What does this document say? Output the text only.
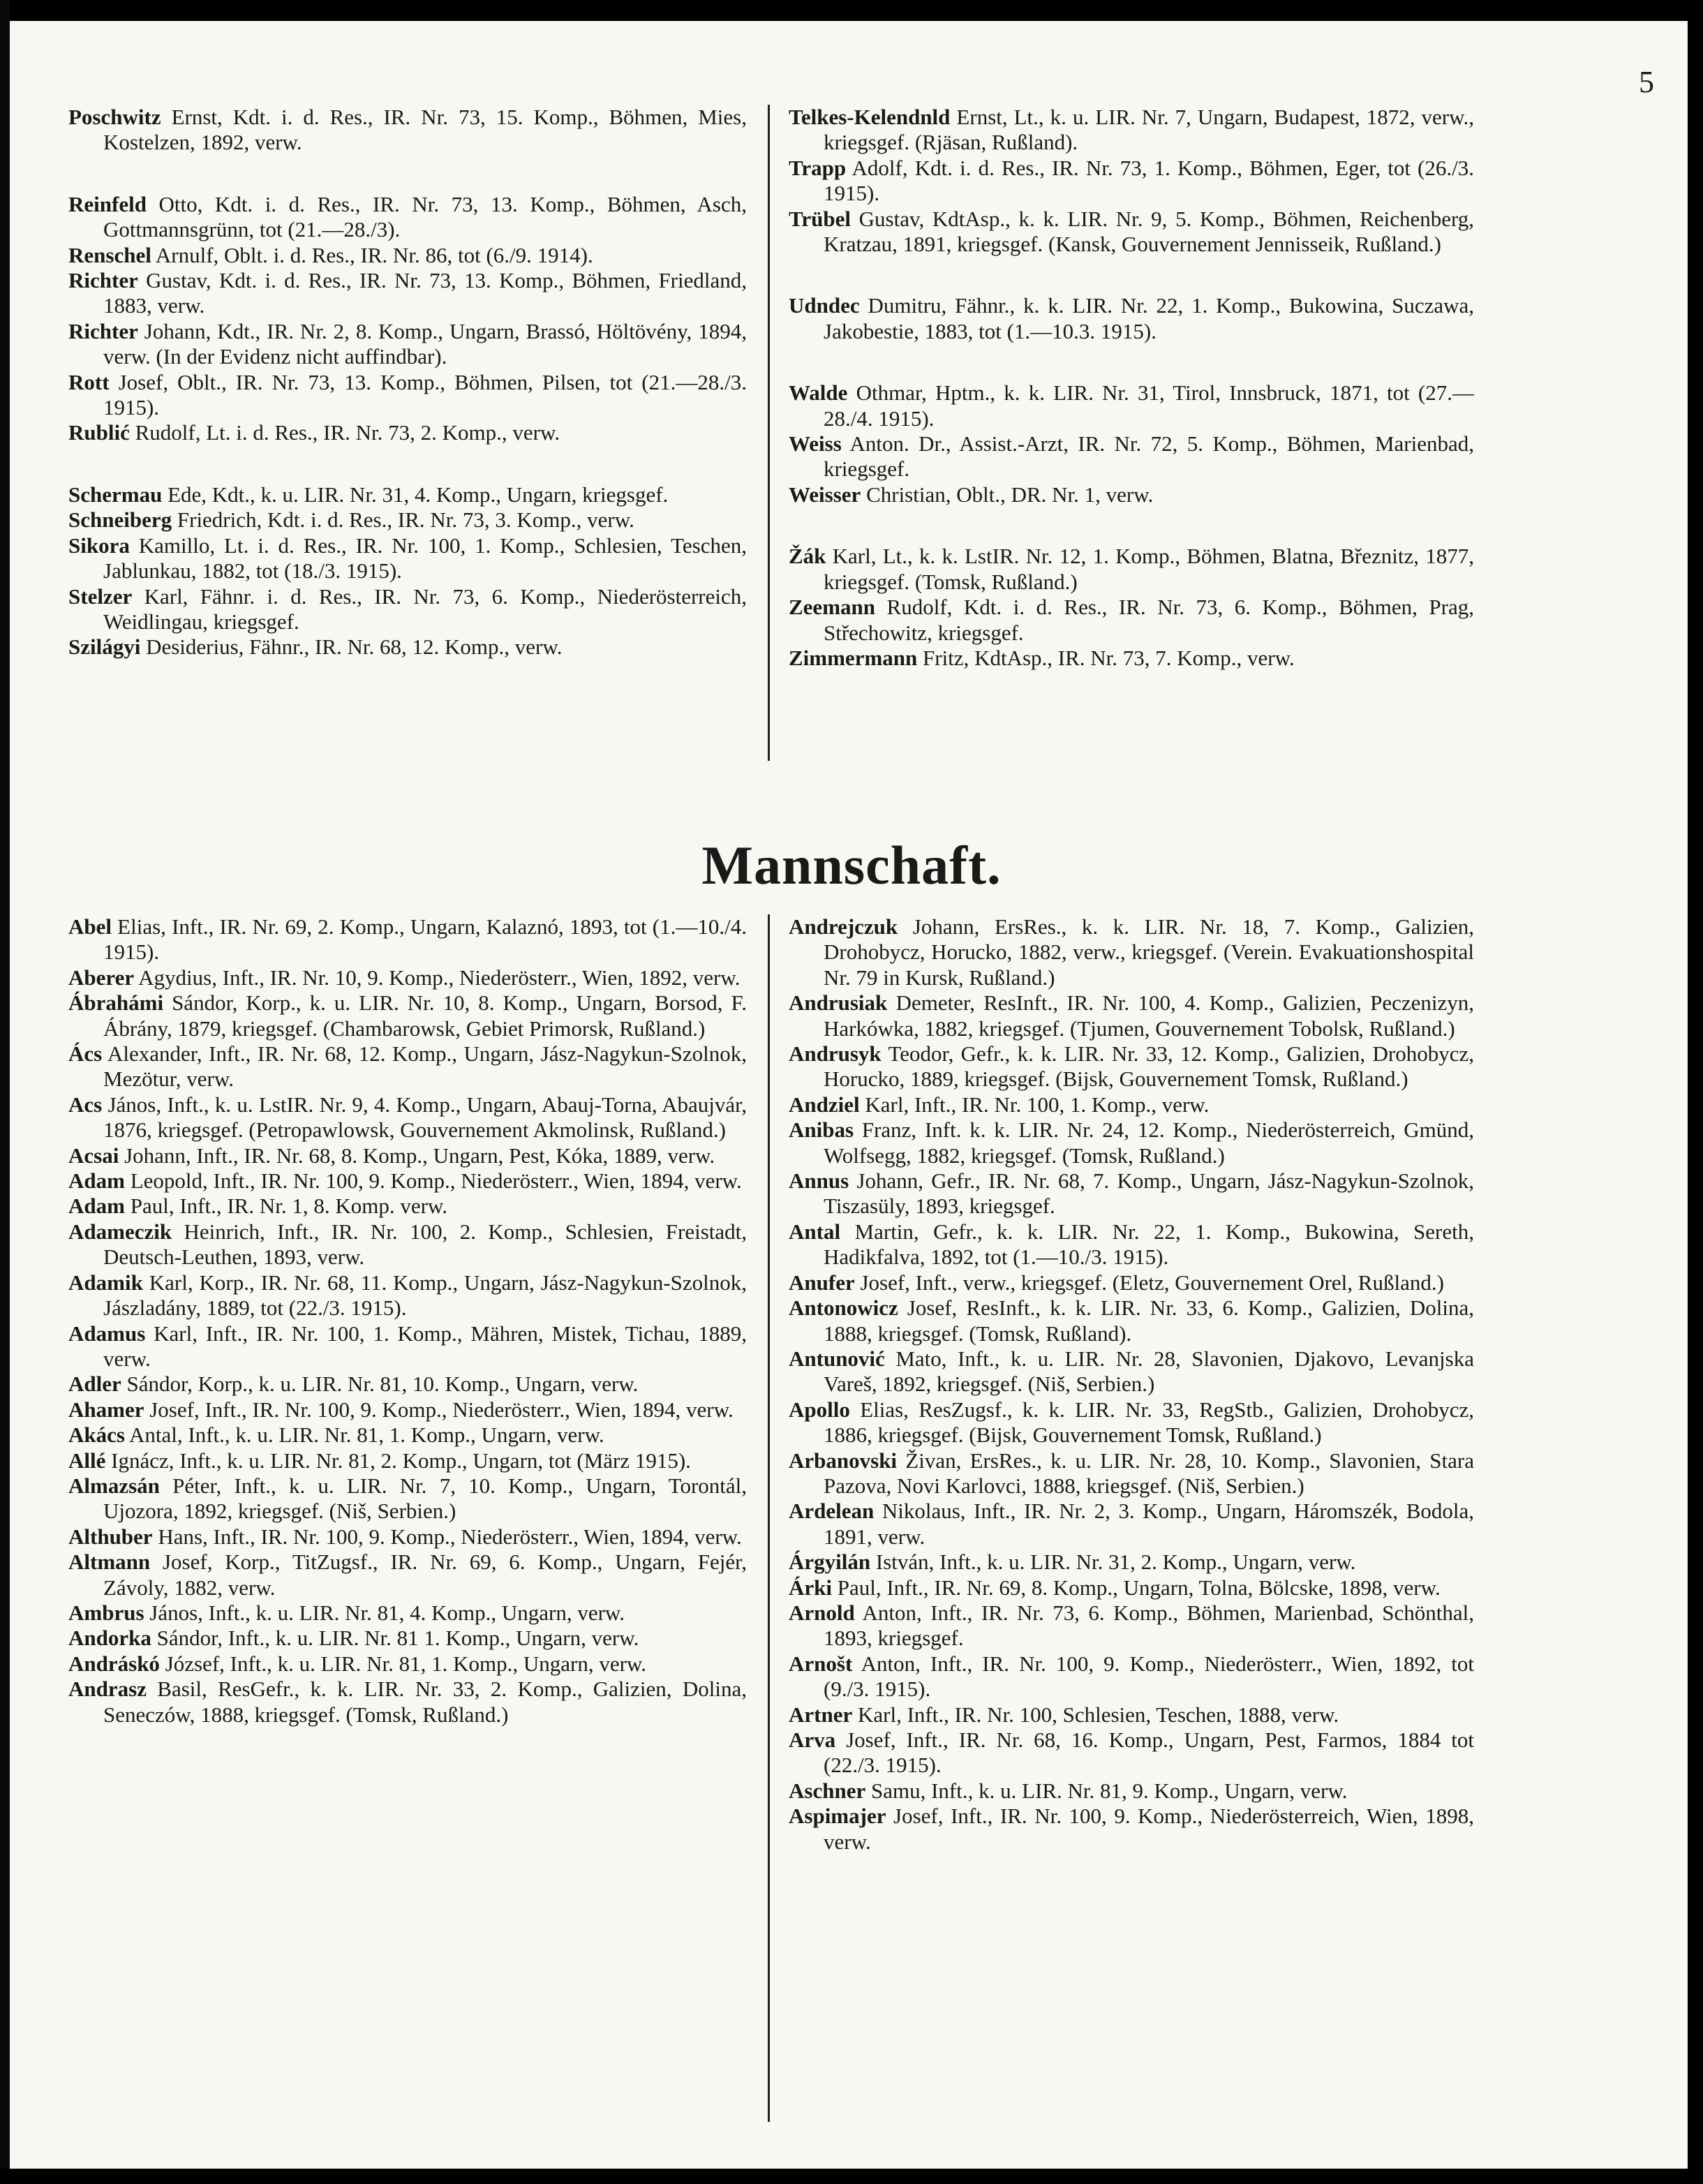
5

Poschwitz Ernst, Kdt. i. d. Res., IR. Nr. 73, 15. Komp., Böhmen, Mies, Kostelzen, 1892, verw.

Reinfeld Otto, Kdt. i. d. Res., IR. Nr. 73, 13. Komp., Böhmen, Asch, Gottmannsgrünn, tot (21.—28./3).

Renschel Arnulf, Oblt. i. d. Res., IR. Nr. 86, tot (6./9. 1914).

Richter Gustav, Kdt. i. d. Res., IR. Nr. 73, 13. Komp., Böhmen, Friedland, 1883, verw.

Richter Johann, Kdt., IR. Nr. 2, 8. Komp., Ungarn, Brassó, Höltövény, 1894, verw. (In der Evidenz nicht auffindbar).

Rott Josef, Oblt., IR. Nr. 73, 13. Komp., Böhmen, Pilsen, tot (21.—28./3. 1915).

Rublić Rudolf, Lt. i. d. Res., IR. Nr. 73, 2. Komp., verw.

Schermau Ede, Kdt., k. u. LIR. Nr. 31, 4. Komp., Ungarn, kriegsgef.

Schneiberg Friedrich, Kdt. i. d. Res., IR. Nr. 73, 3. Komp., verw.

Sikora Kamillo, Lt. i. d. Res., IR. Nr. 100, 1. Komp., Schlesien, Teschen, Jablunkau, 1882, tot (18./3. 1915).

Stelzer Karl, Fähnr. i. d. Res., IR. Nr. 73, 6. Komp., Niederösterreich, Weidlingau, kriegsgef.

Szilágyi Desiderius, Fähnr., IR. Nr. 68, 12. Komp., verw.

Telkes-Kelendnld Ernst, Lt., k. u. LIR. Nr. 7, Ungarn, Budapest, 1872, verw., kriegsgef. (Rjäsan, Rußland).

Trapp Adolf, Kdt. i. d. Res., IR. Nr. 73, 1. Komp., Böhmen, Eger, tot (26./3. 1915).

Trübel Gustav, KdtAsp., k. k. LIR. Nr. 9, 5. Komp., Böhmen, Reichenberg, Kratzau, 1891, kriegsgef. (Kansk, Gouvernement Jennisseik, Rußland.)

Udndec Dumitru, Fähnr., k. k. LIR. Nr. 22, 1. Komp., Bukowina, Suczawa, Jakobestie, 1883, tot (1.—10.3. 1915).

Walde Othmar, Hptm., k. k. LIR. Nr. 31, Tirol, Innsbruck, 1871, tot (27.—28./4. 1915).

Weiss Anton. Dr., Assist.-Arzt, IR. Nr. 72, 5. Komp., Böhmen, Marienbad, kriegsgef.

Weisser Christian, Oblt., DR. Nr. 1, verw.

Žák Karl, Lt., k. k. LstIR. Nr. 12, 1. Komp., Böhmen, Blatna, Březnitz, 1877, kriegsgef. (Tomsk, Rußland.)

Zeemann Rudolf, Kdt. i. d. Res., IR. Nr. 73, 6. Komp., Böhmen, Prag, Střechowitz, kriegsgef.

Zimmermann Fritz, KdtAsp., IR. Nr. 73, 7. Komp., verw.

Mannschaft.

Abel Elias, Inft., IR. Nr. 69, 2. Komp., Ungarn, Kalaznó, 1893, tot (1.—10./4. 1915).

Aberer Agydius, Inft., IR. Nr. 10, 9. Komp., Niederösterr., Wien, 1892, verw.

Ábrahámi Sándor, Korp., k. u. LIR. Nr. 10, 8. Komp., Ungarn, Borsod, F. Ábrány, 1879, kriegsgef. (Chambarowsk, Gebiet Primorsk, Rußland.)

Ács Alexander, Inft., IR. Nr. 68, 12. Komp., Ungarn, Jász-Nagykun-Szolnok, Mezötur, verw.

Acs János, Inft., k. u. LstIR. Nr. 9, 4. Komp., Ungarn, Abauj-Torna, Abaujvár, 1876, kriegsgef. (Petropawlowsk, Gouvernement Akmolinsk, Rußland.)

Acsai Johann, Inft., IR. Nr. 68, 8. Komp., Ungarn, Pest, Kóka, 1889, verw.

Adam Leopold, Inft., IR. Nr. 100, 9. Komp., Niederösterr., Wien, 1894, verw.

Adam Paul, Inft., IR. Nr. 1, 8. Komp. verw.

Adameczik Heinrich, Inft., IR. Nr. 100, 2. Komp., Schlesien, Freistadt, Deutsch-Leuthen, 1893, verw.

Adamik Karl, Korp., IR. Nr. 68, 11. Komp., Ungarn, Jász-Nagykun-Szolnok, Jászladány, 1889, tot (22./3. 1915).

Adamus Karl, Inft., IR. Nr. 100, 1. Komp., Mähren, Mistek, Tichau, 1889, verw.

Adler Sándor, Korp., k. u. LIR. Nr. 81, 10. Komp., Ungarn, verw.

Ahamer Josef, Inft., IR. Nr. 100, 9. Komp., Niederösterr., Wien, 1894, verw.

Akács Antal, Inft., k. u. LIR. Nr. 81, 1. Komp., Ungarn, verw.

Allé Ignácz, Inft., k. u. LIR. Nr. 81, 2. Komp., Ungarn, tot (März 1915).

Almazsán Péter, Inft., k. u. LIR. Nr. 7, 10. Komp., Ungarn, Torontál, Ujozora, 1892, kriegsgef. (Niš, Serbien.)

Althuber Hans, Inft., IR. Nr. 100, 9. Komp., Niederösterr., Wien, 1894, verw.

Altmann Josef, Korp., TitZugsf., IR. Nr. 69, 6. Komp., Ungarn, Fejér, Závoly, 1882, verw.

Ambrus János, Inft., k. u. LIR. Nr. 81, 4. Komp., Ungarn, verw.

Andorka Sándor, Inft., k. u. LIR. Nr. 81 1. Komp., Ungarn, verw.

Andráskó József, Inft., k. u. LIR. Nr. 81, 1. Komp., Ungarn, verw.

Andrasz Basil, ResGefr., k. k. LIR. Nr. 33, 2. Komp., Galizien, Dolina, Seneczów, 1888, kriegsgef. (Tomsk, Rußland.)

Andrejczuk Johann, ErsRes., k. k. LIR. Nr. 18, 7. Komp., Galizien, Drohobycz, Horucko, 1882, verw., kriegsgef. (Verein. Evakuationshospital Nr. 79 in Kursk, Rußland.)

Andrusiak Demeter, ResInft., IR. Nr. 100, 4. Komp., Galizien, Peczenizyn, Harkówka, 1882, kriegsgef. (Tjumen, Gouvernement Tobolsk, Rußland.)

Andrusyk Teodor, Gefr., k. k. LIR. Nr. 33, 12. Komp., Galizien, Drohobycz, Horucko, 1889, kriegsgef. (Bijsk, Gouvernement Tomsk, Rußland.)

Andziel Karl, Inft., IR. Nr. 100, 1. Komp., verw.

Anibas Franz, Inft. k. k. LIR. Nr. 24, 12. Komp., Niederösterreich, Gmünd, Wolfsegg, 1882, kriegsgef. (Tomsk, Rußland.)

Annus Johann, Gefr., IR. Nr. 68, 7. Komp., Ungarn, Jász-Nagykun-Szolnok, Tiszasüly, 1893, kriegsgef.

Antal Martin, Gefr., k. k. LIR. Nr. 22, 1. Komp., Bukowina, Sereth, Hadikfalva, 1892, tot (1.—10./3. 1915).

Anufer Josef, Inft., verw., kriegsgef. (Eletz, Gouvernement Orel, Rußland.)

Antonowicz Josef, ResInft., k. k. LIR. Nr. 33, 6. Komp., Galizien, Dolina, 1888, kriegsgef. (Tomsk, Rußland).

Antunović Mato, Inft., k. u. LIR. Nr. 28, Slavonien, Djakovo, Levanjska Vareš, 1892, kriegsgef. (Niš, Serbien.)

Apollo Elias, ResZugsf., k. k. LIR. Nr. 33, RegStb., Galizien, Drohobycz, 1886, kriegsgef. (Bijsk, Gouvernement Tomsk, Rußland.)

Arbanovski Živan, ErsRes., k. u. LIR. Nr. 28, 10. Komp., Slavonien, Stara Pazova, Novi Karlovci, 1888, kriegsgef. (Niš, Serbien.)

Ardelean Nikolaus, Inft., IR. Nr. 2, 3. Komp., Ungarn, Háromszék, Bodola, 1891, verw.

Árgyilán István, Inft., k. u. LIR. Nr. 31, 2. Komp., Ungarn, verw.

Árki Paul, Inft., IR. Nr. 69, 8. Komp., Ungarn, Tolna, Bölcske, 1898, verw.

Arnold Anton, Inft., IR. Nr. 73, 6. Komp., Böhmen, Marienbad, Schönthal, 1893, kriegsgef.

Arnošt Anton, Inft., IR. Nr. 100, 9. Komp., Niederösterr., Wien, 1892, tot (9./3. 1915).

Artner Karl, Inft., IR. Nr. 100, Schlesien, Teschen, 1888, verw.

Arva Josef, Inft., IR. Nr. 68, 16. Komp., Ungarn, Pest, Farmos, 1884 tot (22./3. 1915).

Aschner Samu, Inft., k. u. LIR. Nr. 81, 9. Komp., Ungarn, verw.

Aspimajer Josef, Inft., IR. Nr. 100, 9. Komp., Niederösterreich, Wien, 1898, verw.
